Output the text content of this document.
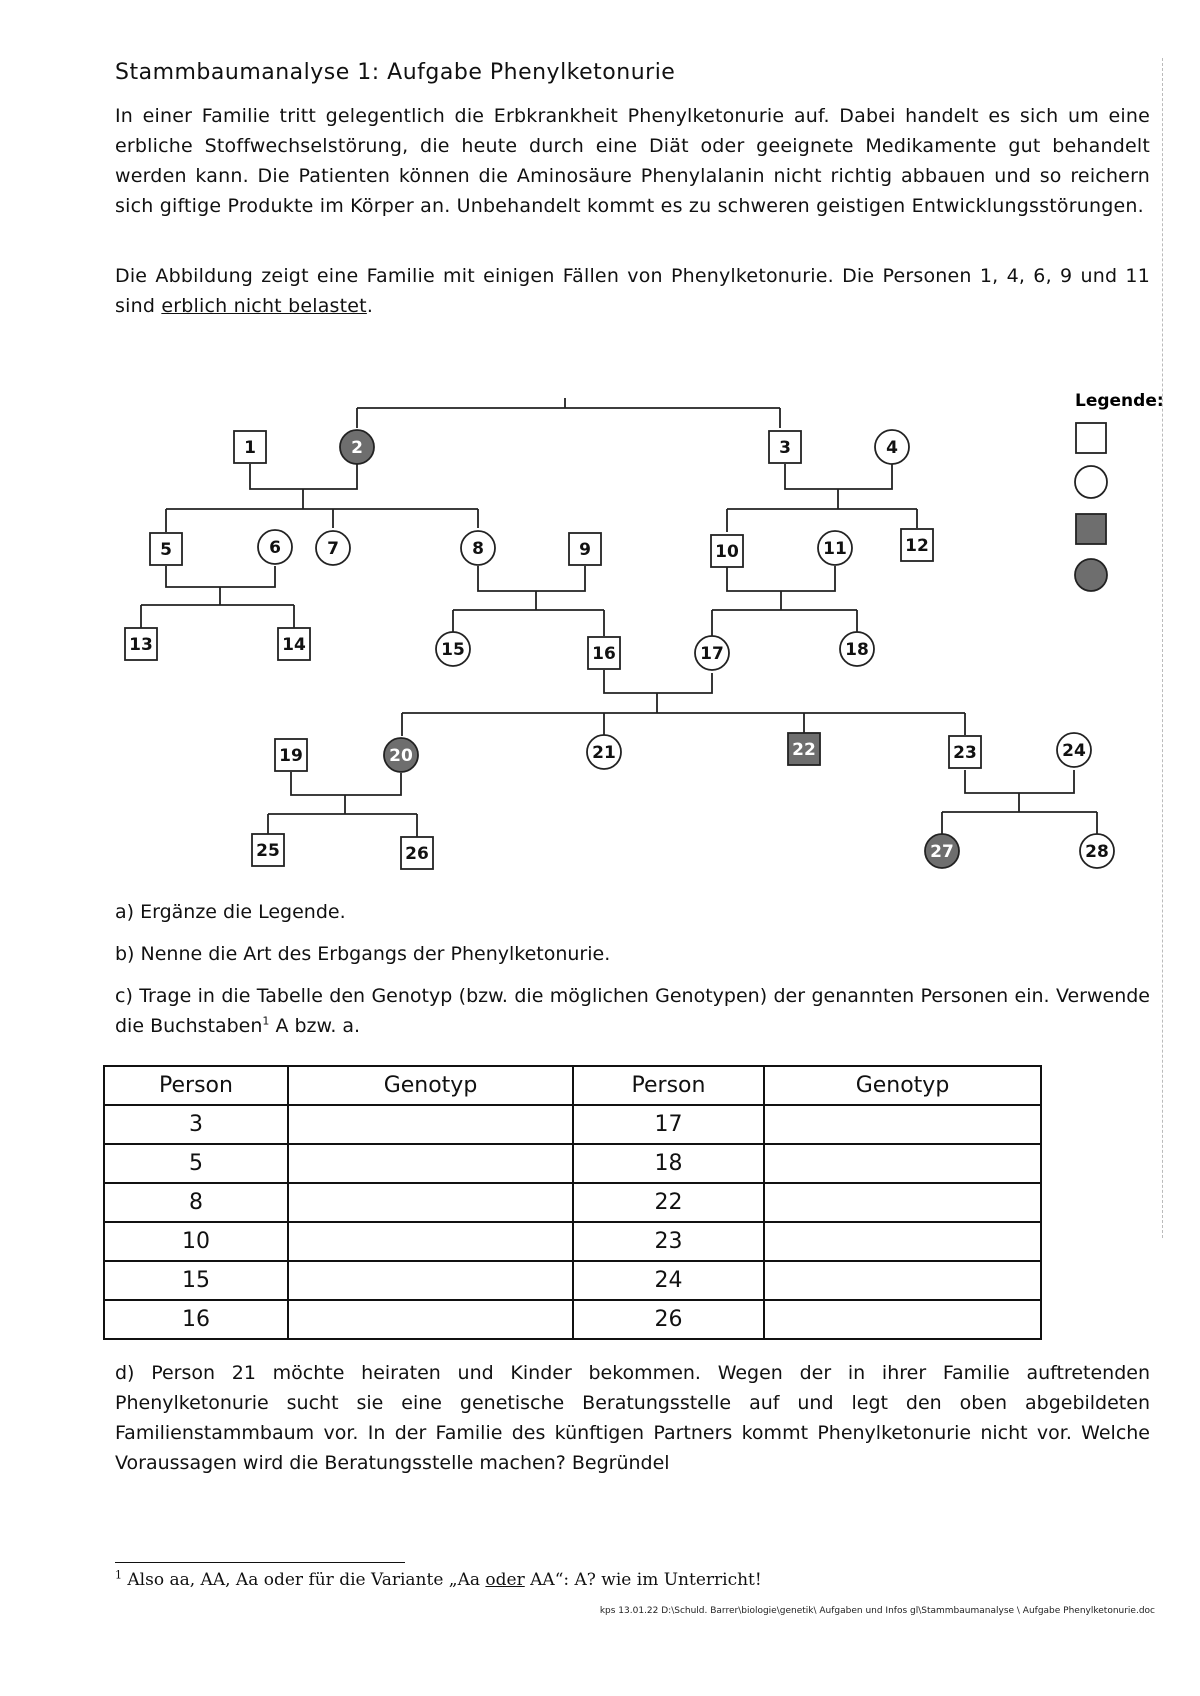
Stammbaumanalyse 1: Aufgabe Phenylketonurie
In einer Familie tritt gelegentlich die Erbkrankheit Phenylketonurie auf. Dabei handelt es sich um eine erbliche Stoffwechselstörung, die heute durch eine Diät oder geeignete Medikamente gut behandelt werden kann. Die Patienten können die Aminosäure Phenylalanin nicht richtig abbauen und so reichern sich giftige Produkte im Körper an. Unbehandelt kommt es zu schweren geistigen Entwicklungsstörungen.
Die Abbildung zeigt eine Familie mit einigen Fällen von Phenylketonurie. Die Personen 1, 4, 6, 9 und 11 sind erblich nicht belastet.
1	3
5	9	10	12
13	14	16
19	22	23
25	26
2	4
6	7	8	11
15	17	18
20	21	24
27	28
Legende:
a) Ergänze die Legende.
b) Nenne die Art des Erbgangs der Phenylketonurie.
c) Trage in die Tabelle den Genotyp (bzw. die möglichen Genotypen) der genannten Personen ein. Verwende die Buchstaben$^1$ A bzw. a.
Person	Genotyp	Person	Genotyp
3		17	
5		18	
8		22	
10		23	
15		24	
16		26	
d) Person 21 möchte heiraten und Kinder bekommen. Wegen der in ihrer Familie auftretenden Phenylketonurie sucht sie eine genetische Beratungsstelle auf und legt den oben abgebildeten Familienstammbaum vor. In der Familie des künftigen Partners kommt Phenylketonurie nicht vor. Welche Voraussagen wird die Beratungsstelle machen? Begründel
$^1$ Also aa, AA, Aa oder für die Variante „Aa oder AA“: A? wie im Unterricht!
kps 13.01.22 D:\Schuld. Barrer\biologie\genetik\ Aufgaben und Infos gl\Stammbaumanalyse \ Aufgabe Phenylketonurie.doc
